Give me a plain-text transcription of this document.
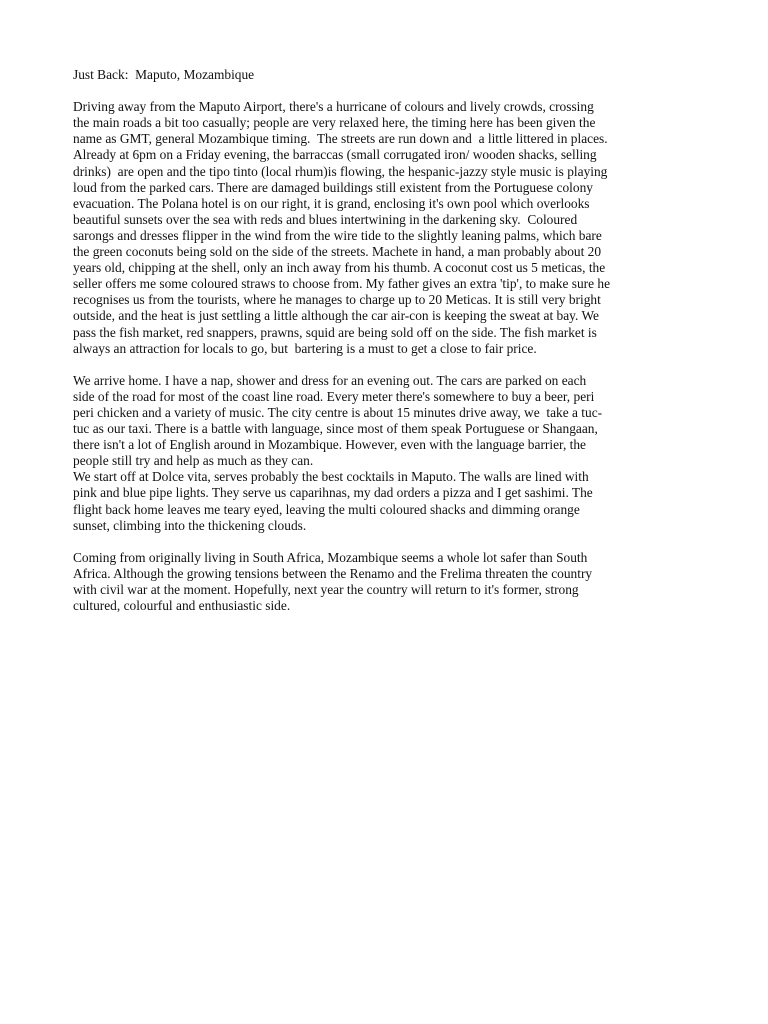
Just Back:  Maputo, Mozambique
Driving away from the Maputo Airport, there's a hurricane of colours and lively crowds, crossing
the main roads a bit too casually; people are very relaxed here, the timing here has been given the
name as GMT, general Mozambique timing.  The streets are run down and  a little littered in places.
Already at 6pm on a Friday evening, the barraccas (small corrugated iron/ wooden shacks, selling
drinks)  are open and the tipo tinto (local rhum)is flowing, the hespanic-jazzy style music is playing
loud from the parked cars. There are damaged buildings still existent from the Portuguese colony
evacuation. The Polana hotel is on our right, it is grand, enclosing it's own pool which overlooks
beautiful sunsets over the sea with reds and blues intertwining in the darkening sky.  Coloured
sarongs and dresses flipper in the wind from the wire tide to the slightly leaning palms, which bare
the green coconuts being sold on the side of the streets. Machete in hand, a man probably about 20
years old, chipping at the shell, only an inch away from his thumb. A coconut cost us 5 meticas, the
seller offers me some coloured straws to choose from. My father gives an extra 'tip', to make sure he
recognises us from the tourists, where he manages to charge up to 20 Meticas. It is still very bright
outside, and the heat is just settling a little although the car air-con is keeping the sweat at bay. We
pass the fish market, red snappers, prawns, squid are being sold off on the side. The fish market is
always an attraction for locals to go, but  bartering is a must to get a close to fair price.
We arrive home. I have a nap, shower and dress for an evening out. The cars are parked on each
side of the road for most of the coast line road. Every meter there's somewhere to buy a beer, peri
peri chicken and a variety of music. The city centre is about 15 minutes drive away, we  take a tuc-
tuc as our taxi. There is a battle with language, since most of them speak Portuguese or Shangaan,
there isn't a lot of English around in Mozambique. However, even with the language barrier, the
people still try and help as much as they can.
We start off at Dolce vita, serves probably the best cocktails in Maputo. The walls are lined with
pink and blue pipe lights. They serve us caparihnas, my dad orders a pizza and I get sashimi. The
flight back home leaves me teary eyed, leaving the multi coloured shacks and dimming orange
sunset, climbing into the thickening clouds.
Coming from originally living in South Africa, Mozambique seems a whole lot safer than South
Africa. Although the growing tensions between the Renamo and the Frelima threaten the country
with civil war at the moment. Hopefully, next year the country will return to it's former, strong
cultured, colourful and enthusiastic side.
